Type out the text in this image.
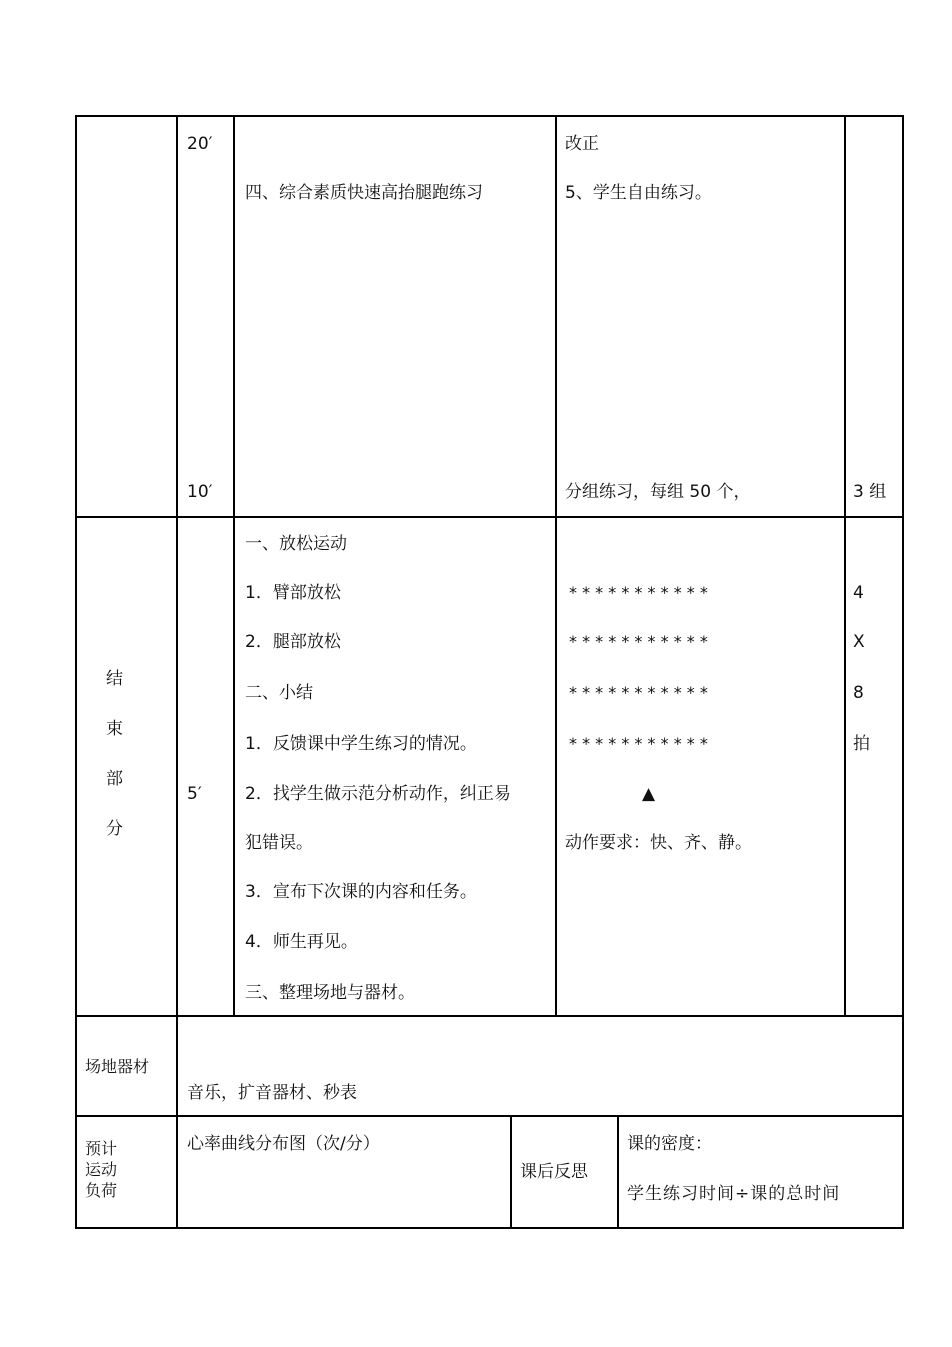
20′
10′
四、综合素质快速高抬腿跑练习
改正
5、学生自由练习。
分组练习，每组 50 个，	3 组
结
束
部
分
5′
一、放松运动
1．臂部放松
2．腿部放松
二、小结
1．反馈课中学生练习的情况。
2．找学生做示范分析动作，纠正易
犯错误。
3．宣布下次课的内容和任务。
4．师生再见。
三、整理场地与器材。
* * * * * * * * * * *
* * * * * * * * * * *
* * * * * * * * * * *
* * * * * * * * * * *
▲
动作要求：快、齐、静。
4
X
8
拍
场地器材
音乐，扩音器材、秒表
预计
运动
负荷
心率曲线分布图（次/分）
课后反思
课的密度：
学生练习时间÷课的总时间
